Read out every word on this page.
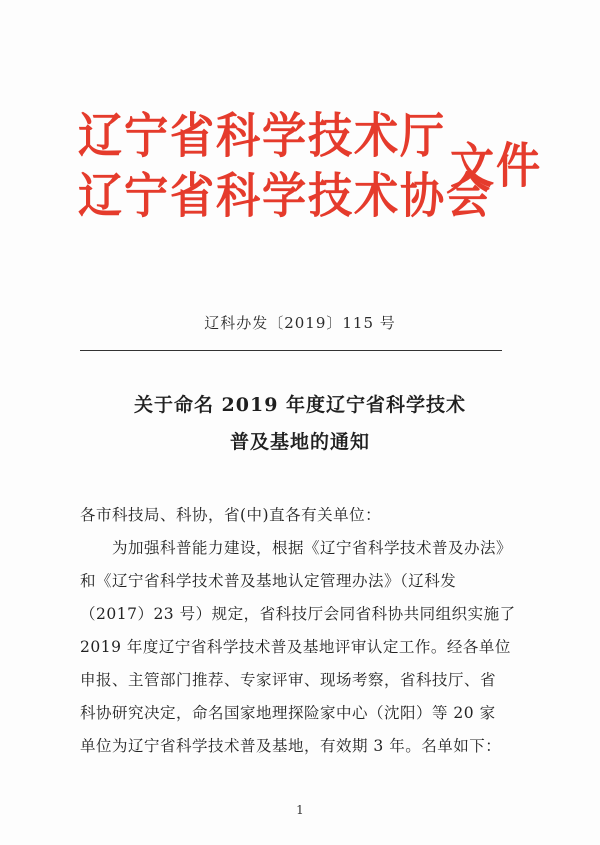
辽宁省科学技术厅
辽宁省科学技术协会
文件
辽科办发〔2019〕115 号
关于命名 2019 年度辽宁省科学技术
普及基地的通知
各市科技局、科协，省(中)直各有关单位：
为加强科普能力建设，根据《辽宁省科学技术普及办法》
和《辽宁省科学技术普及基地认定管理办法》（辽科发
（2017）23 号）规定，省科技厅会同省科协共同组织实施了
2019 年度辽宁省科学技术普及基地评审认定工作。经各单位
申报、主管部门推荐、专家评审、现场考察，省科技厅、省
科协研究决定，命名国家地理探险家中心（沈阳）等 20 家
单位为辽宁省科学技术普及基地，有效期 3 年。名单如下：
1
